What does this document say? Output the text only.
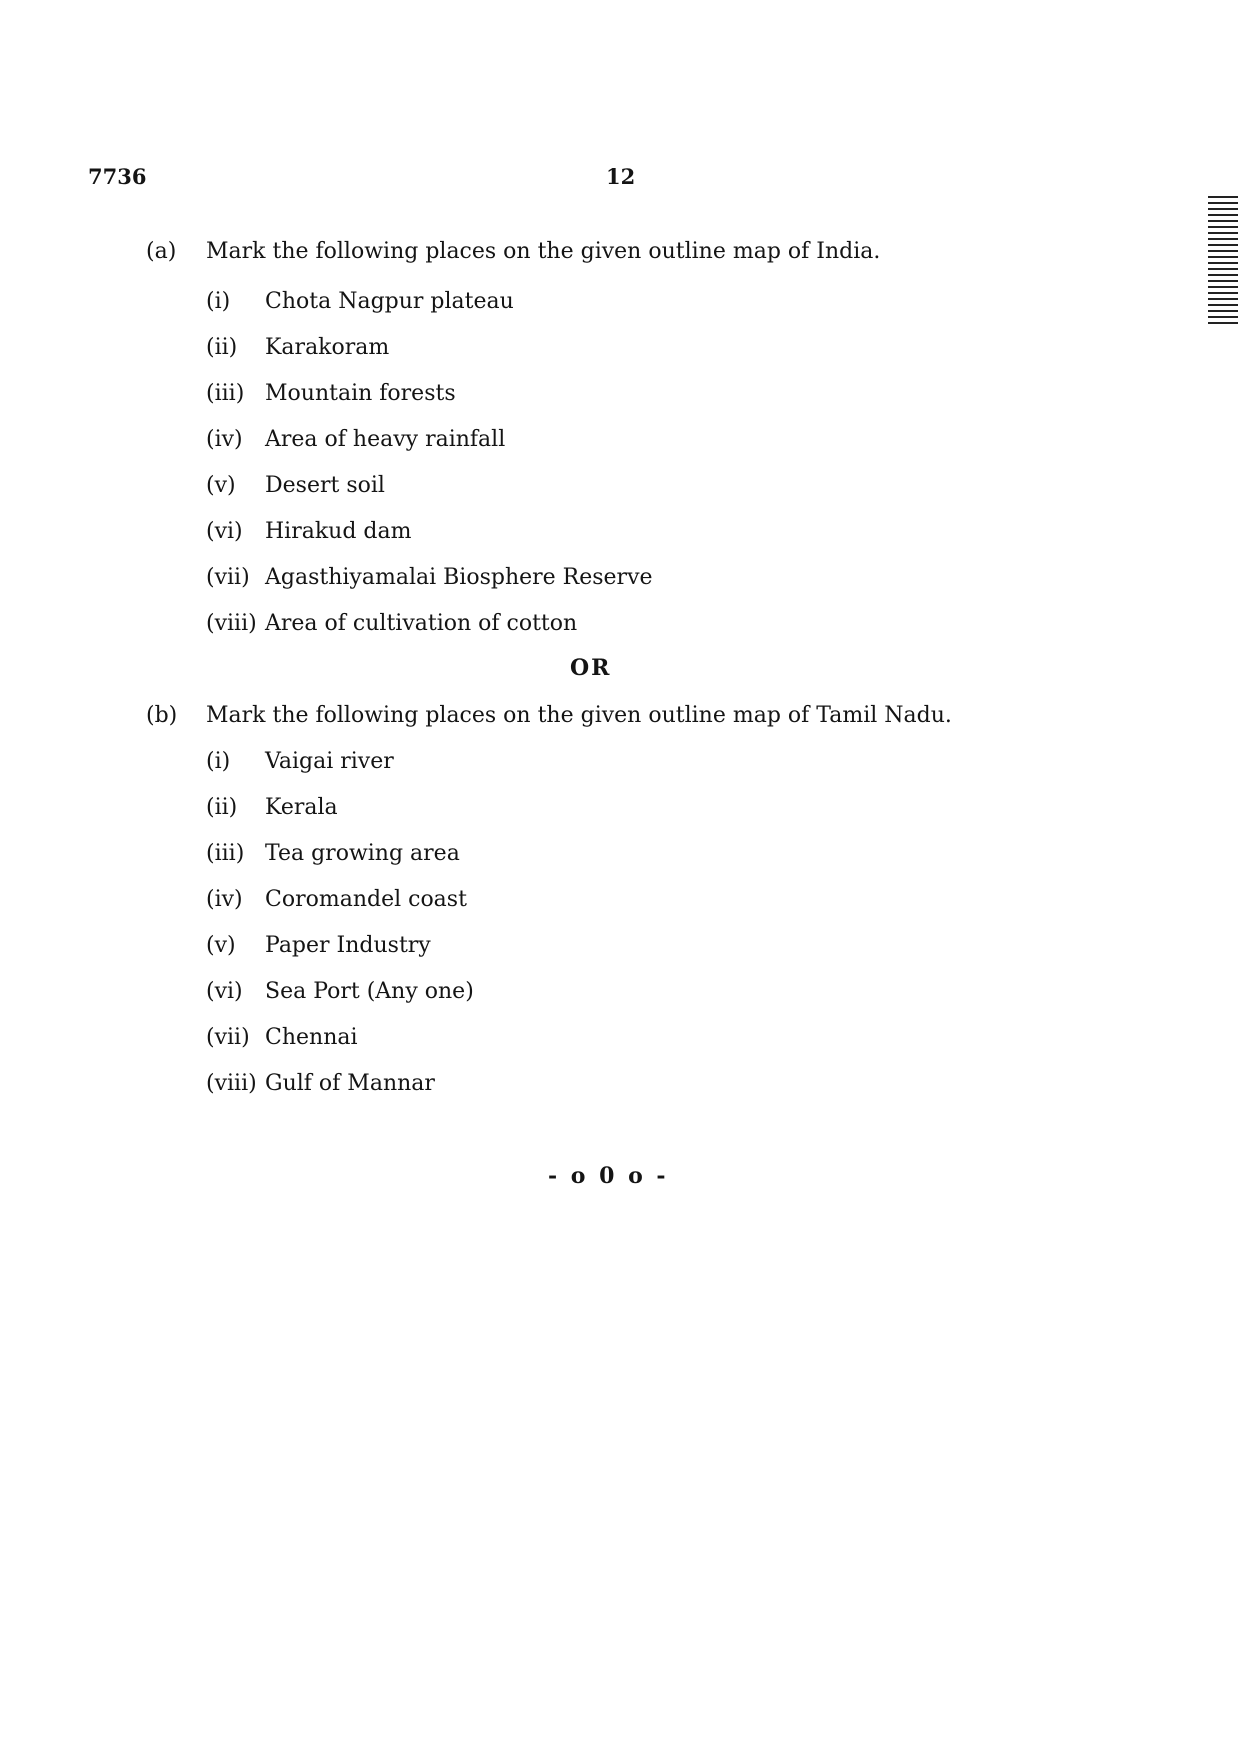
7736	12
(a) Mark the following places on the given outline map of India.
(i) Chota Nagpur plateau
(ii) Karakoram
(iii) Mountain forests
(iv) Area of heavy rainfall
(v) Desert soil
(vi) Hirakud dam
(vii) Agasthiyamalai Biosphere Reserve
(viii) Area of cultivation of cotton
OR
(b) Mark the following places on the given outline map of Tamil Nadu.
(i) Vaigai river
(ii) Kerala
(iii) Tea growing area
(iv) Coromandel coast
(v) Paper Industry
(vi) Sea Port (Any one)
(vii) Chennai
(viii) Gulf of Mannar
- o 0 o -
